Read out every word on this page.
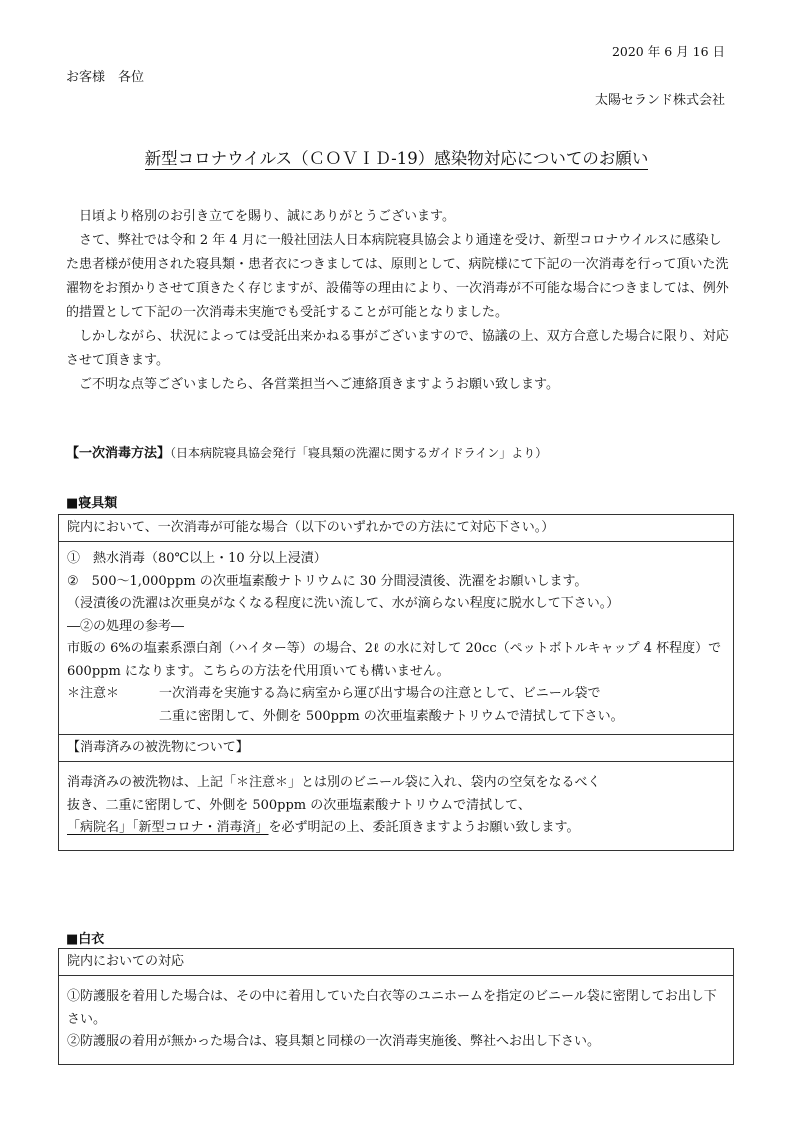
2020 年 6 月 16 日
お客様　各位
太陽セランド株式会社
新型コロナウイルス（ＣＯＶＩＤ-19）感染物対応についてのお願い

日頃より格別のお引き立てを賜り、誠にありがとうございます。

さて、弊社では令和 2 年 4 月に一般社団法人日本病院寝具協会より通達を受け、新型コロナウイルスに感染した患者様が使用された寝具類・患者衣につきましては、原則として、病院様にて下記の一次消毒を行って頂いた洗濯物をお預かりさせて頂きたく存じますが、設備等の理由により、一次消毒が不可能な場合につきましては、例外的措置として下記の一次消毒未実施でも受託することが可能となりました。

しかしながら、状況によっては受託出来かねる事がございますので、協議の上、双方合意した場合に限り、対応させて頂きます。

ご不明な点等ございましたら、各営業担当へご連絡頂きますようお願い致します。

【一次消毒方法】（日本病院寝具協会発行「寝具類の洗濯に関するガイドライン」より）
■寝具類
院内において、一次消毒が可能な場合（以下のいずれかでの方法にて対応下さい。）
①　熱水消毒（80℃以上・10 分以上浸漬）
②　500～1,000ppm の次亜塩素酸ナトリウムに 30 分間浸漬後、洗濯をお願いします。
（浸漬後の洗濯は次亜臭がなくなる程度に洗い流して、水が滴らない程度に脱水して下さい。）
―②の処理の参考―
市販の 6%の塩素系漂白剤（ハイター等）の場合、2ℓ の水に対して 20cc（ペットボトルキャップ 4 杯程度）で 600ppm になります。こちらの方法を代用頂いても構いません。
＊注意＊	一次消毒を実施する為に病室から運び出す場合の注意として、ビニール袋で
二重に密閉して、外側を 500ppm の次亜塩素酸ナトリウムで清拭して下さい。
【消毒済みの被洗物について】
消毒済みの被洗物は、上記「＊注意＊」とは別のビニール袋に入れ、袋内の空気をなるべく
抜き、二重に密閉して、外側を 500ppm の次亜塩素酸ナトリウムで清拭して、
「病院名」「新型コロナ・消毒済」を必ず明記の上、委託頂きますようお願い致します。
■白衣
院内においての対応
①防護服を着用した場合は、その中に着用していた白衣等のユニホームを指定のビニール袋に密閉してお出し下さい。
②防護服の着用が無かった場合は、寝具類と同様の一次消毒実施後、弊社へお出し下さい。
